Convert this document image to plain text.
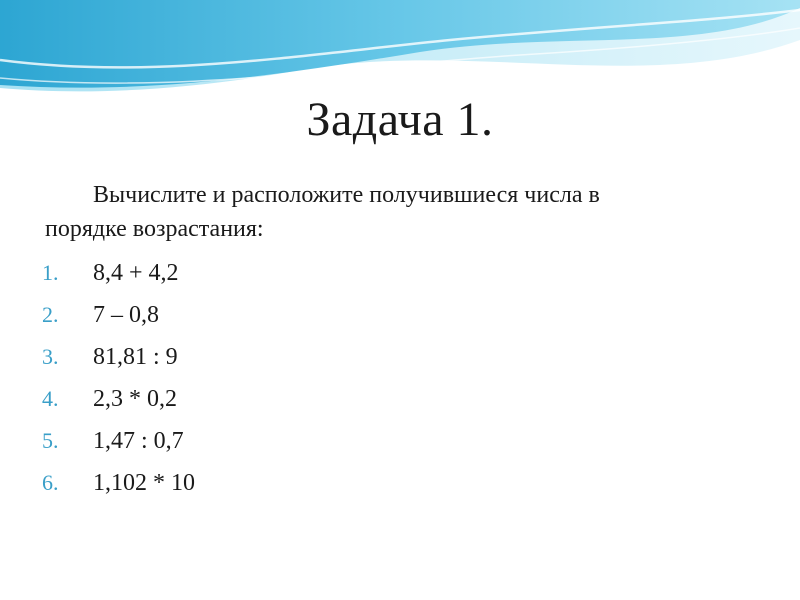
Задача 1.
Вычислите и расположите получившиеся числа в
порядке возрастания:
1.	8,4 + 4,2
2.	7 – 0,8
3.	81,81 : 9
4.	2,3 * 0,2
5.	1,47 : 0,7
6.	1,102 * 10
